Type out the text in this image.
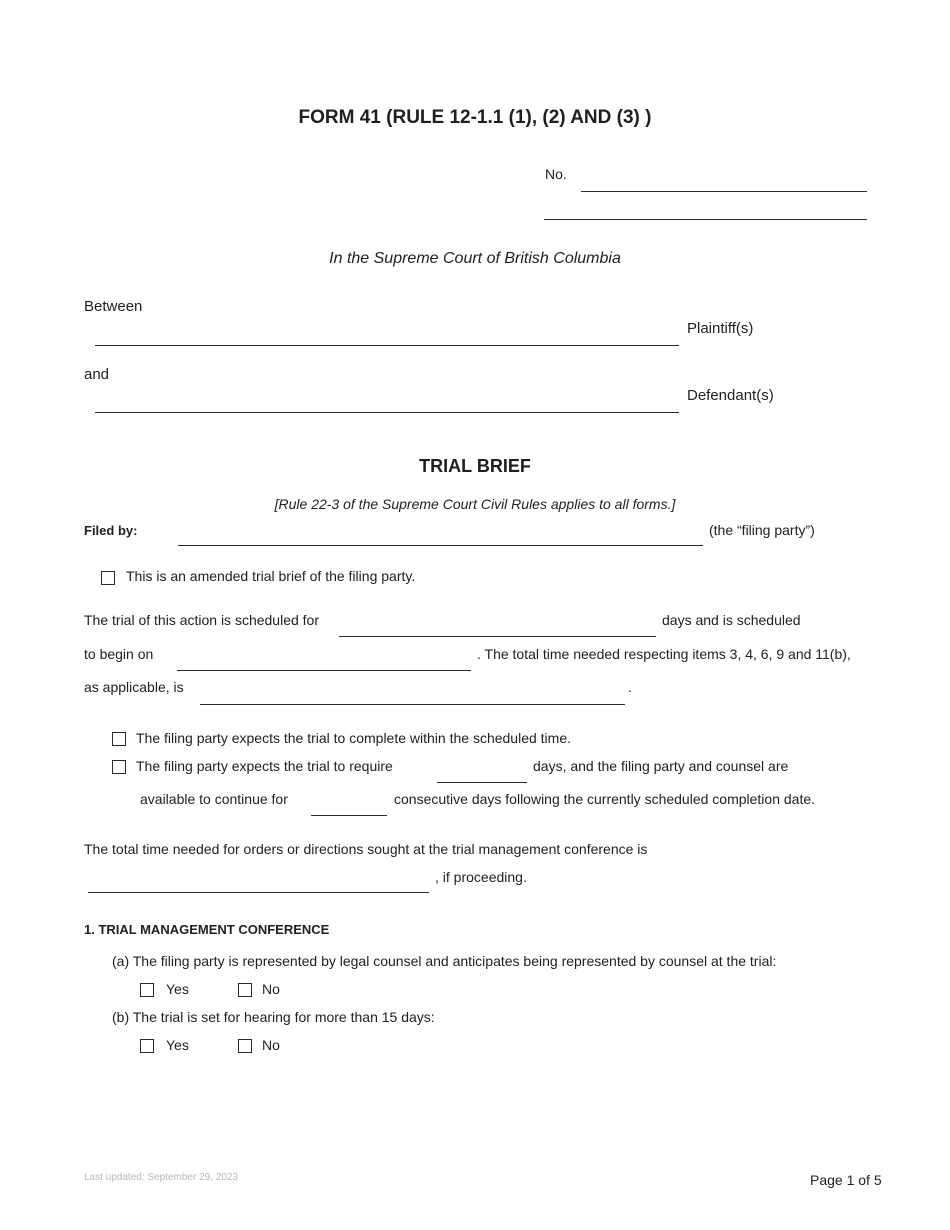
FORM 41 (RULE 12-1.1 (1), (2) AND (3) )
No.
In the Supreme Court of British Columbia
Between
Plaintiff(s)
and
Defendant(s)
TRIAL BRIEF
[Rule 22-3 of the Supreme Court Civil Rules applies to all forms.]
Filed by:	(the “filing party”)
This is an amended trial brief of the filing party.
The trial of this action is scheduled for	days and is scheduled
to begin on	. The total time needed respecting items 3, 4, 6, 9 and 11(b),
as applicable, is	.
The filing party expects the trial to complete within the scheduled time.
The filing party expects the trial to require	days, and the filing party and counsel are
available to continue for	consecutive days following the currently scheduled completion date.
The total time needed for orders or directions sought at the trial management conference is
, if proceeding.
1. TRIAL MANAGEMENT CONFERENCE
(a) The filing party is represented by legal counsel and anticipates being represented by counsel at the trial:
Yes	No
(b) The trial is set for hearing for more than 15 days:
Yes	No
Last updated: September 29, 2023	Page 1 of 5
